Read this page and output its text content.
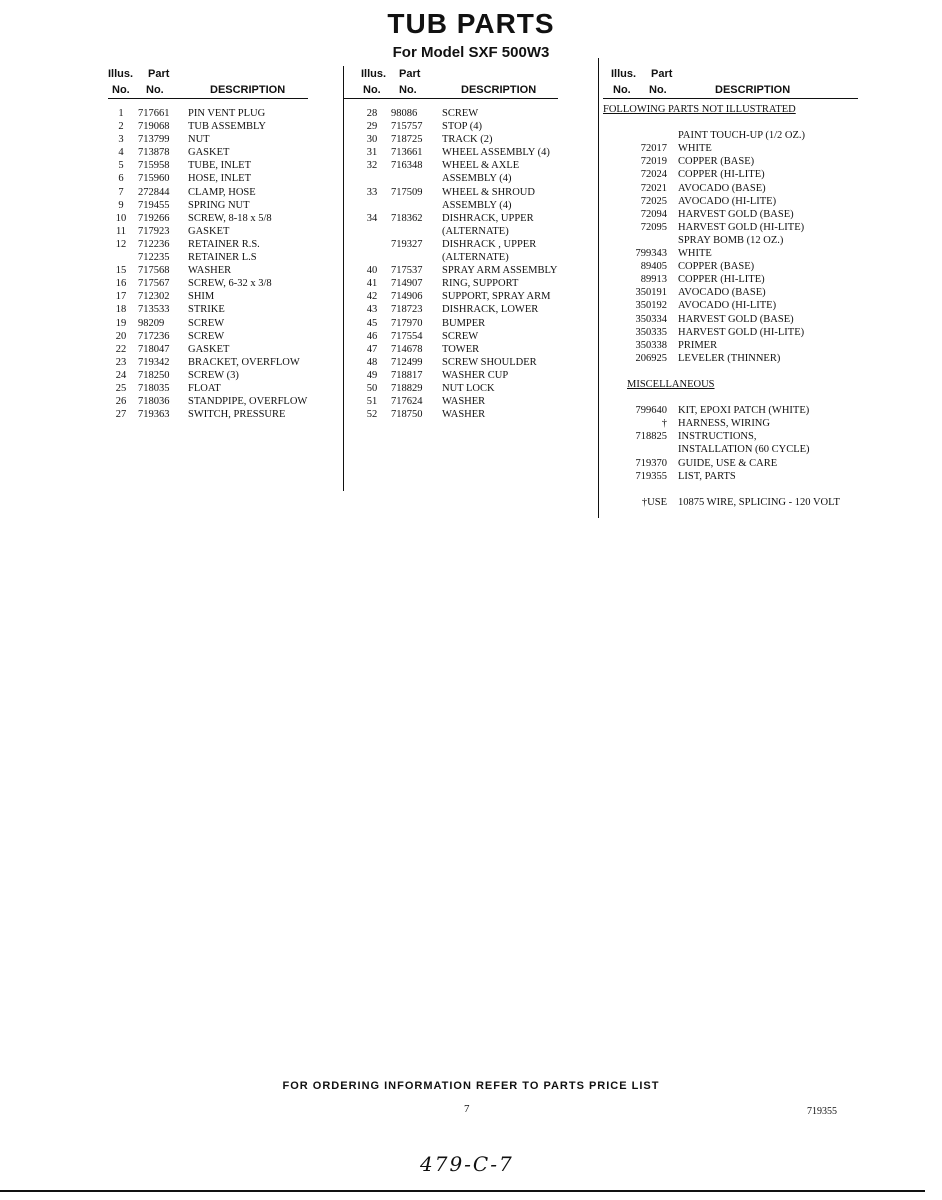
TUB PARTS
For Model SXF 500W3
Illus. Part
No. No.	DESCRIPTION
1	717661 PIN VENT PLUG
2	719068 TUB ASSEMBLY
3	713799 NUT
4	713878 GASKET
5	715958 TUBE, INLET
6	715960 HOSE, INLET
7	272844 CLAMP, HOSE
9	719455 SPRING NUT
10	719266 SCREW, 8-18 x 5/8
11	717923 GASKET
12	712236 RETAINER R.S.
712235 RETAINER L.S
15	717568 WASHER
16	717567 SCREW, 6-32 x 3/8
17	712302 SHIM
18	713533 STRIKE
19	98209 SCREW
20	717236 SCREW
22	718047 GASKET
23	719342 BRACKET, OVERFLOW
24	718250 SCREW (3)
25	718035 FLOAT
26	718036 STANDPIPE, OVERFLOW
27	719363 SWITCH, PRESSURE
Illus. Part
No. No.	DESCRIPTION
28	98086 SCREW
29	715757 STOP (4)
30	718725 TRACK (2)
31	713661 WHEEL ASSEMBLY (4)
32	716348 WHEEL & AXLE
ASSEMBLY (4)
33	717509 WHEEL & SHROUD
ASSEMBLY (4)
34	718362 DISHRACK, UPPER
(ALTERNATE)
719327 DISHRACK , UPPER
(ALTERNATE)
40	717537 SPRAY ARM ASSEMBLY
41	714907 RING, SUPPORT
42	714906 SUPPORT, SPRAY ARM
43	718723 DISHRACK, LOWER
45	717970 BUMPER
46	717554 SCREW
47	714678 TOWER
48	712499 SCREW SHOULDER
49	718817 WASHER CUP
50	718829 NUT LOCK
51	717624 WASHER
52	718750 WASHER
Illus. Part
No. No.	DESCRIPTION
FOLLOWING PARTS NOT ILLUSTRATED
PAINT TOUCH-UP (1/2 OZ.)
72017 WHITE
72019 COPPER (BASE)
72024 COPPER (HI-LITE)
72021 AVOCADO (BASE)
72025 AVOCADO (HI-LITE)
72094 HARVEST GOLD (BASE)
72095 HARVEST GOLD (HI-LITE)
SPRAY BOMB (12 OZ.)
799343 WHITE
89405 COPPER (BASE)
89913 COPPER (HI-LITE)
350191 AVOCADO (BASE)
350192 AVOCADO (HI-LITE)
350334 HARVEST GOLD (BASE)
350335 HARVEST GOLD (HI-LITE)
350338 PRIMER
206925 LEVELER (THINNER)
MISCELLANEOUS
799640 KIT, EPOXI PATCH (WHITE)
† HARNESS, WIRING
718825 INSTRUCTIONS,
INSTALLATION (60 CYCLE)
719370 GUIDE, USE & CARE
719355 LIST, PARTS
†USE 10875 WIRE, SPLICING - 120 VOLT
FOR ORDERING INFORMATION REFER TO PARTS PRICE LIST
7	719355
479-C-7
